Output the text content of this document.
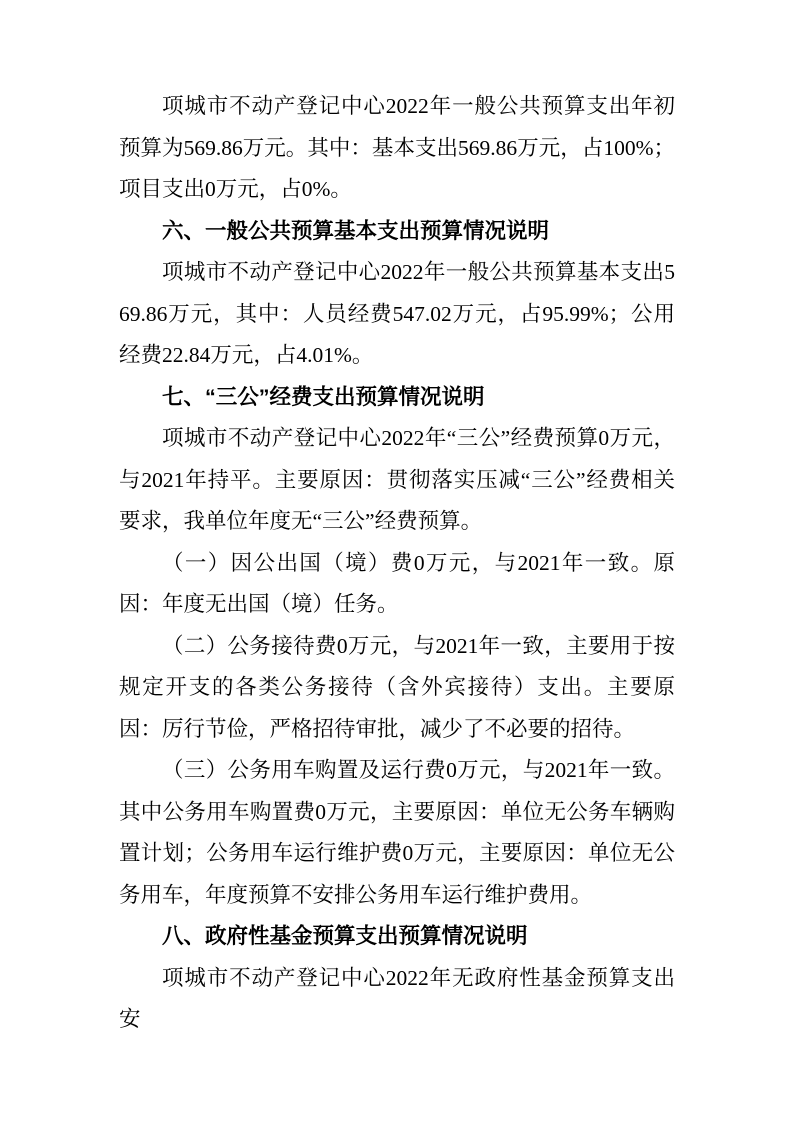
项城市不动产登记中心2022年一般公共预算支出年初预算为569.86万元。其中：基本支出569.86万元，占100%；项目支出0万元，占0%。

六、一般公共预算基本支出预算情况说明

项城市不动产登记中心2022年一般公共预算基本支出569.86万元，其中：人员经费547.02万元，占95.99%；公用经费22.84万元，占4.01%。

七、“三公”经费支出预算情况说明

项城市不动产登记中心2022年“三公”经费预算0万元，与2021年持平。主要原因：贯彻落实压减“三公”经费相关要求，我单位年度无“三公”经费预算。

（一）因公出国（境）费0万元，与2021年一致。原因：年度无出国（境）任务。

（二）公务接待费0万元，与2021年一致，主要用于按规定开支的各类公务接待（含外宾接待）支出。主要原因：厉行节俭，严格招待审批，减少了不必要的招待。

（三）公务用车购置及运行费0万元，与2021年一致。其中公务用车购置费0万元，主要原因：单位无公务车辆购置计划；公务用车运行维护费0万元，主要原因：单位无公务用车，年度预算不安排公务用车运行维护费用。

八、政府性基金预算支出预算情况说明

项城市不动产登记中心2022年无政府性基金预算支出安
